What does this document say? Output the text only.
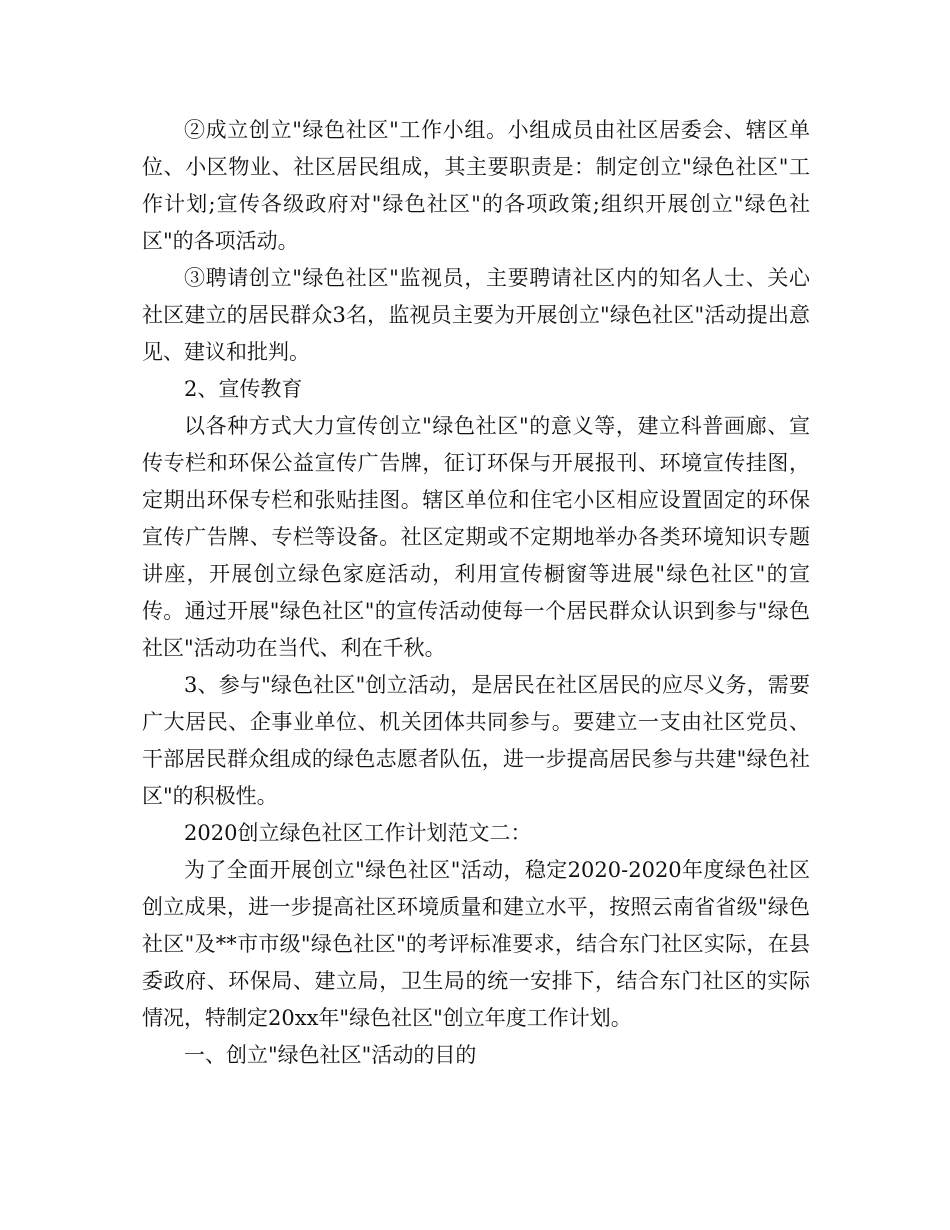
②成立创立"绿色社区"工作小组。小组成员由社区居委会、辖区单位、小区物业、社区居民组成，其主要职责是：制定创立"绿色社区"工作计划;宣传各级政府对"绿色社区"的各项政策;组织开展创立"绿色社区"的各项活动。

③聘请创立"绿色社区"监视员，主要聘请社区内的知名人士、关心社区建立的居民群众3名，监视员主要为开展创立"绿色社区"活动提出意见、建议和批判。

2、宣传教育

以各种方式大力宣传创立"绿色社区"的意义等，建立科普画廊、宣传专栏和环保公益宣传广告牌，征订环保与开展报刊、环境宣传挂图，定期出环保专栏和张贴挂图。辖区单位和住宅小区相应设置固定的环保宣传广告牌、专栏等设备。社区定期或不定期地举办各类环境知识专题讲座，开展创立绿色家庭活动，利用宣传橱窗等进展"绿色社区"的宣传。通过开展"绿色社区"的宣传活动使每一个居民群众认识到参与"绿色社区"活动功在当代、利在千秋。

3、参与"绿色社区"创立活动，是居民在社区居民的应尽义务，需要广大居民、企事业单位、机关团体共同参与。要建立一支由社区党员、干部居民群众组成的绿色志愿者队伍，进一步提高居民参与共建"绿色社区"的积极性。

2020创立绿色社区工作计划范文二：

为了全面开展创立"绿色社区"活动，稳定2020-2020年度绿色社区创立成果，进一步提高社区环境质量和建立水平，按照云南省省级"绿色社区"及**市市级"绿色社区"的考评标准要求，结合东门社区实际，在县委政府、环保局、建立局，卫生局的统一安排下，结合东门社区的实际情况，特制定20xx年"绿色社区"创立年度工作计划。

一、创立"绿色社区"活动的目的
